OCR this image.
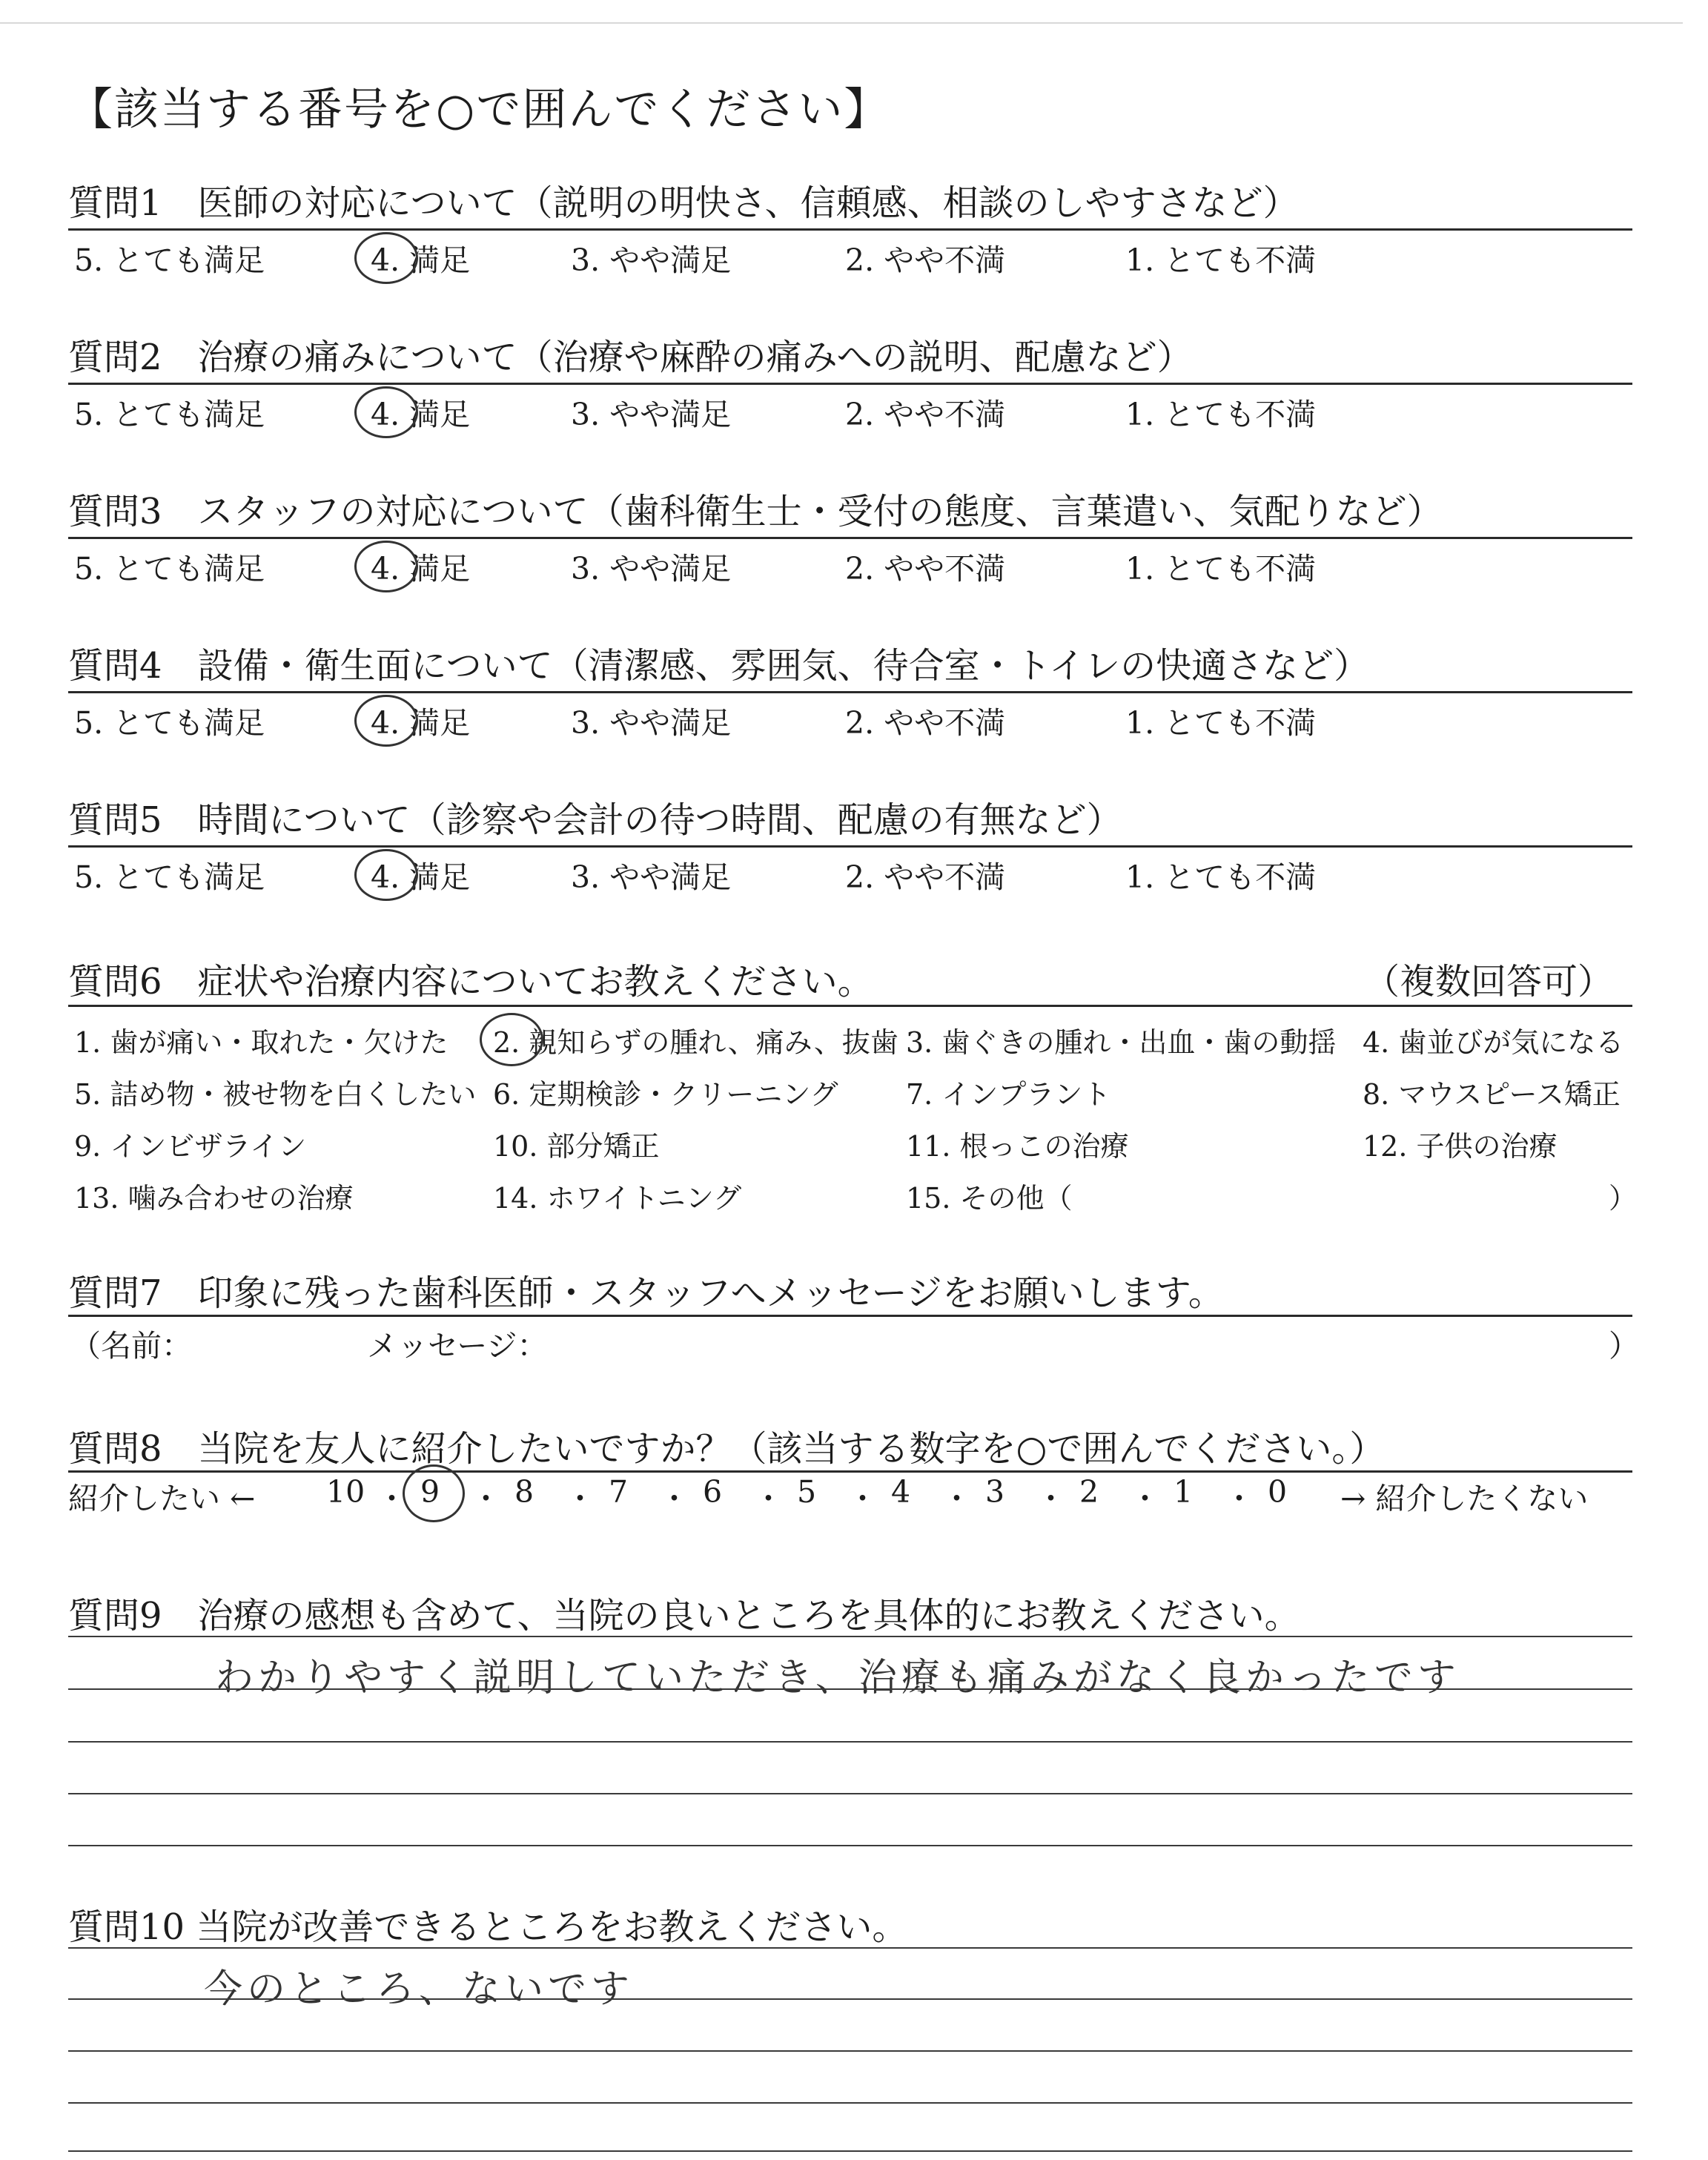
【該当する番号を○で囲んでください】
質問6　症状や治療内容についてお教えください。	（複数回答可）
質問7　印象に残った歯科医師・スタッフへメッセージをお願いします。
（名前：	メッセージ：	）
質問8　当院を友人に紹介したいですか？（該当する数字を○で囲んでください。）
紹介したい ←	→ 紹介したくない
質問9　治療の感想も含めて、当院の良いところを具体的にお教えください。
わかりやすく説明していただき、治療も痛みがなく良かったです
質問10 当院が改善できるところをお教えください。
今のところ、ないです
質問1　医師の対応について（説明の明快さ、信頼感、相談のしやすさなど）
5. とても満足	4. 満足	3. やや満足	2. やや不満	1. とても不満
質問2　治療の痛みについて（治療や麻酔の痛みへの説明、配慮など）
5. とても満足	4. 満足	3. やや満足	2. やや不満	1. とても不満
質問3　スタッフの対応について（歯科衛生士・受付の態度、言葉遣い、気配りなど）
5. とても満足	4. 満足	3. やや満足	2. やや不満	1. とても不満
質問4　設備・衛生面について（清潔感、雰囲気、待合室・トイレの快適さなど）
5. とても満足	4. 満足	3. やや満足	2. やや不満	1. とても不満
質問5　時間について（診察や会計の待つ時間、配慮の有無など）
5. とても満足	4. 満足	3. やや満足	2. やや不満	1. とても不満
1. 歯が痛い・取れた・欠けた 2. 親知らずの腫れ、痛み、抜歯 3. 歯ぐきの腫れ・出血・歯の動揺 4. 歯並びが気になる
5. 詰め物・被せ物を白くしたい 6. 定期検診・クリーニング 7. インプラント	8. マウスピース矯正
9. インビザライン	10. 部分矯正	11. 根っこの治療	12. 子供の治療
13. 噛み合わせの治療	14. ホワイトニング	15. その他（	）
10 ・ 9 ・ 8 ・ 7 ・ 6 ・ 5 ・ 4 ・ 3 ・ 2 ・ 1 ・ 0
